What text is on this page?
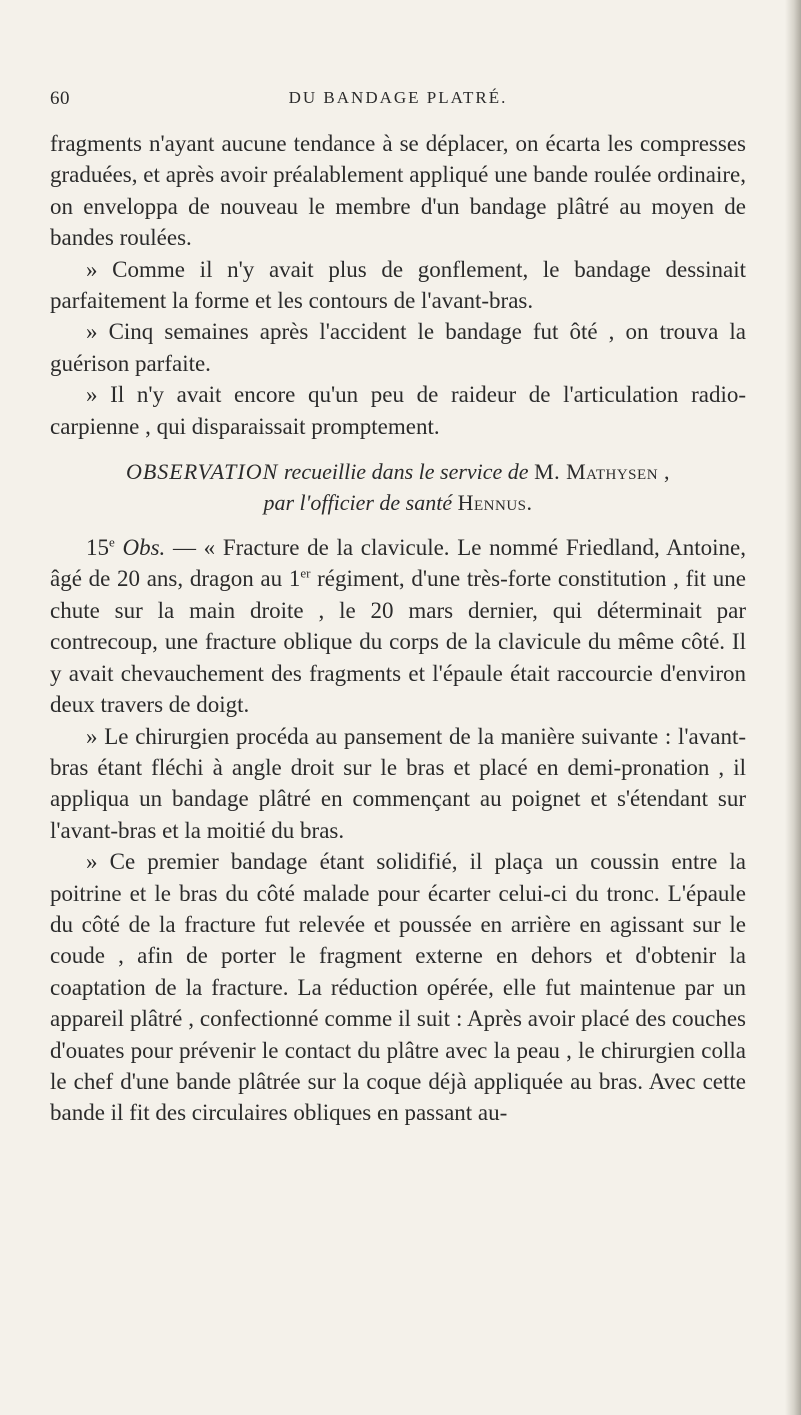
60	DU BANDAGE PLATRÉ.

fragments n'ayant aucune tendance à se déplacer, on écarta les compresses graduées, et après avoir préalablement appliqué une bande roulée ordinaire, on enveloppa de nouveau le membre d'un bandage plâtré au moyen de bandes roulées.

» Comme il n'y avait plus de gonflement, le bandage dessinait parfaitement la forme et les contours de l'avant-bras.

» Cinq semaines après l'accident le bandage fut ôté , on trouva la guérison parfaite.

» Il n'y avait encore qu'un peu de raideur de l'articulation radio-carpienne , qui disparaissait promptement.

OBSERVATION recueillie dans le service de M. Mathysen ,
par l'officier de santé Hennus.

15e Obs. — « Fracture de la clavicule. Le nommé Friedland, Antoine, âgé de 20 ans, dragon au 1er régiment, d'une très-forte constitution , fit une chute sur la main droite , le 20 mars dernier, qui déterminait par contrecoup, une fracture oblique du corps de la clavicule du même côté. Il y avait chevauchement des fragments et l'épaule était raccourcie d'environ deux travers de doigt.

» Le chirurgien procéda au pansement de la manière suivante : l'avant-bras étant fléchi à angle droit sur le bras et placé en demi-pronation , il appliqua un bandage plâtré en commençant au poignet et s'étendant sur l'avant-bras et la moitié du bras.

» Ce premier bandage étant solidifié, il plaça un coussin entre la poitrine et le bras du côté malade pour écarter celui-ci du tronc. L'épaule du côté de la fracture fut relevée et poussée en arrière en agissant sur le coude , afin de porter le fragment externe en dehors et d'obtenir la coaptation de la fracture. La réduction opérée, elle fut maintenue par un appareil plâtré , confectionné comme il suit : Après avoir placé des couches d'ouates pour prévenir le contact du plâtre avec la peau , le chirurgien colla le chef d'une bande plâtrée sur la coque déjà appliquée au bras. Avec cette bande il fit des circulaires obliques en passant au-
